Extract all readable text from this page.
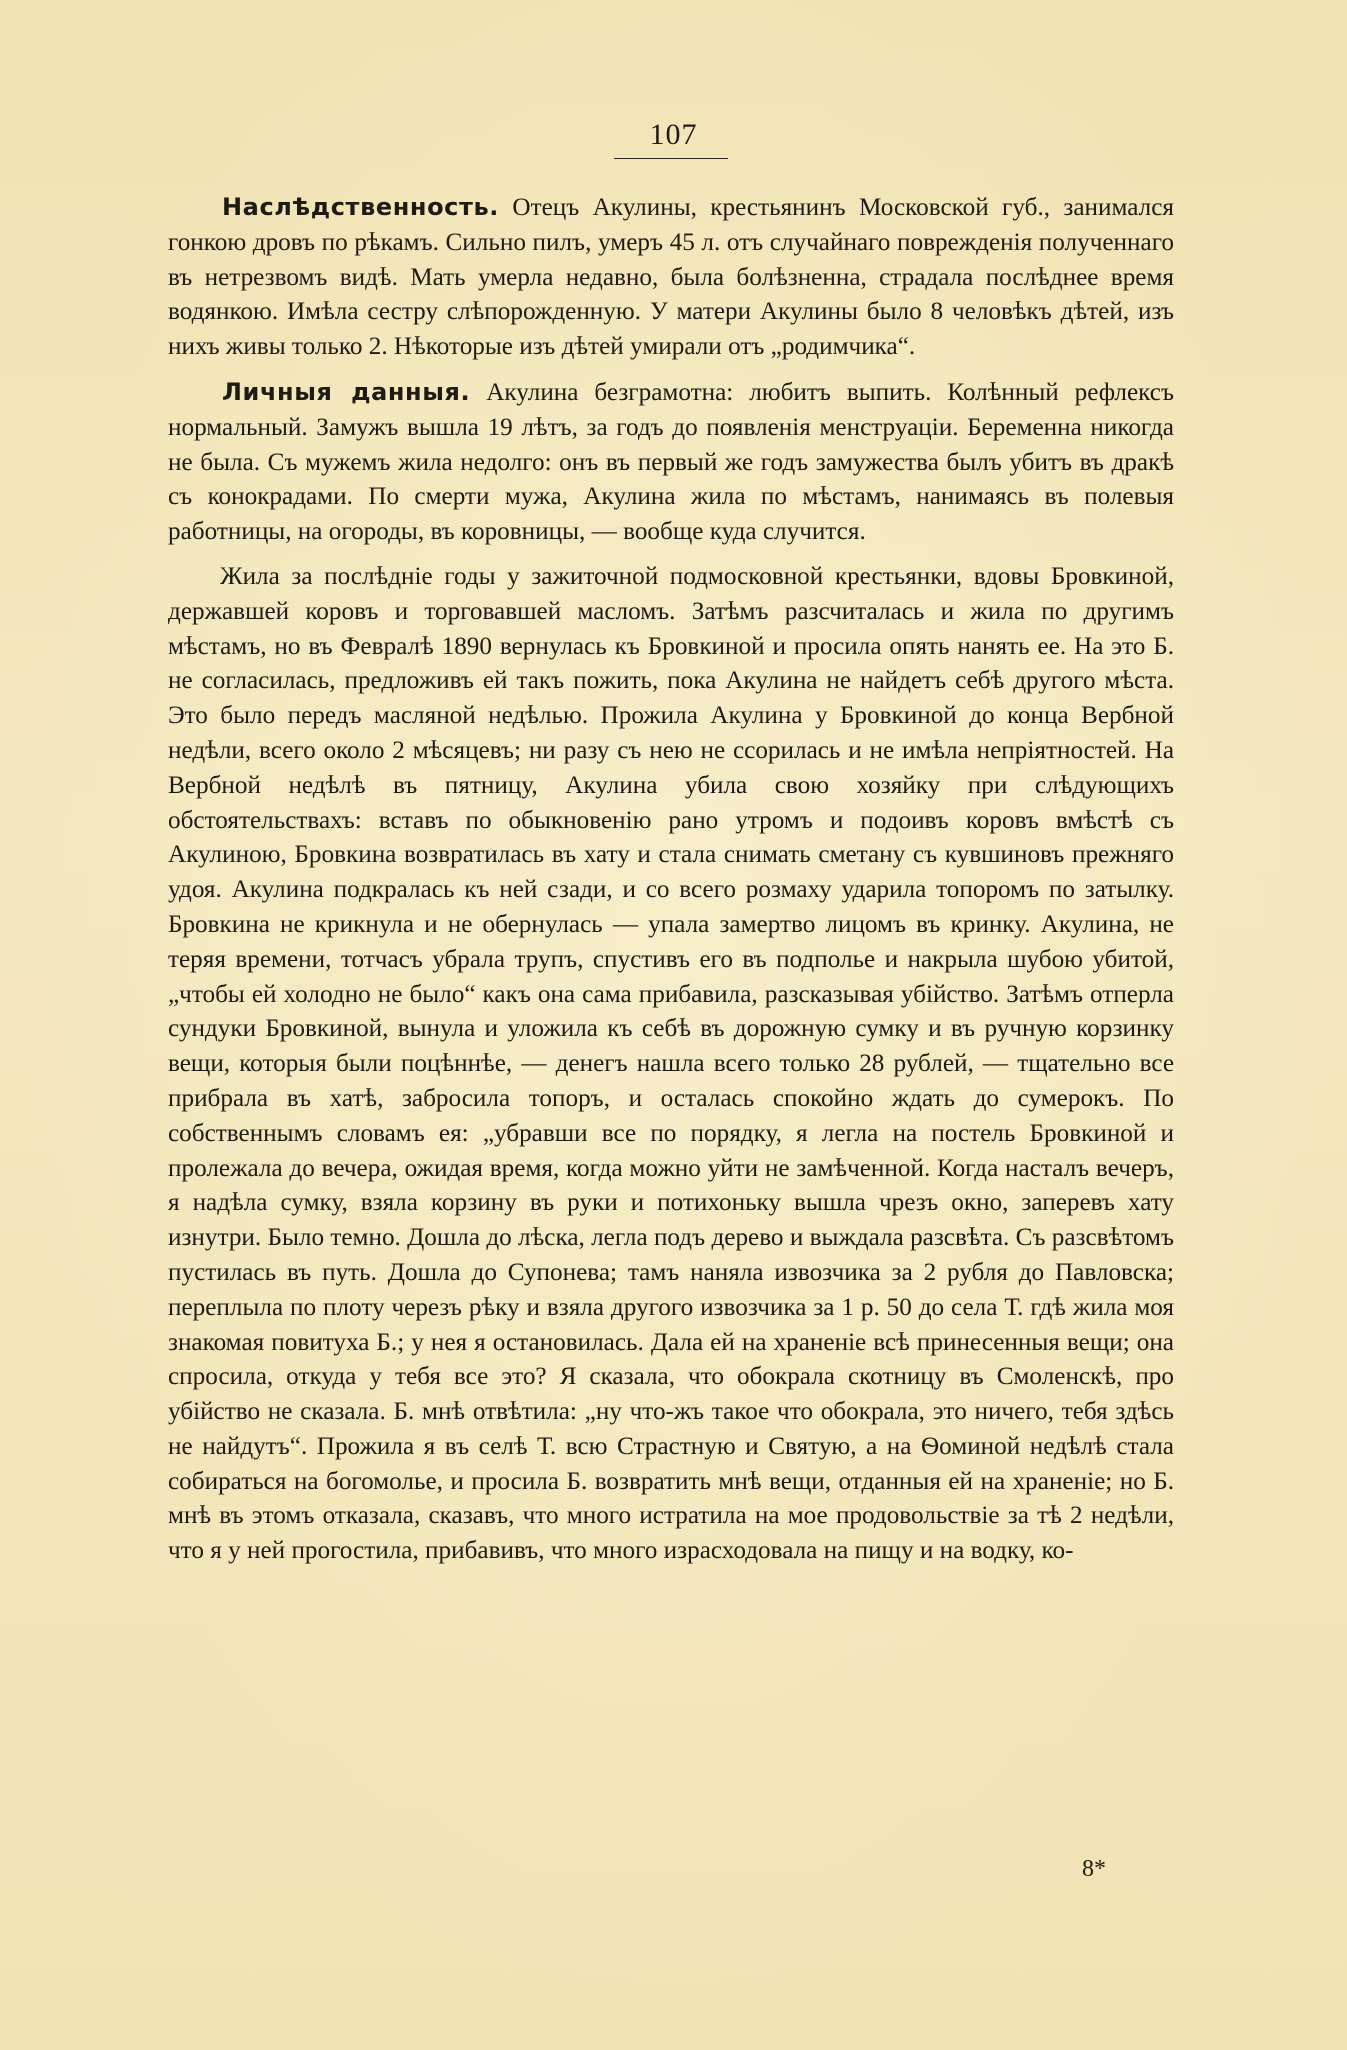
107

Наслѣдственность. Отецъ Акулины, крестьянинъ Московской губ., занимался гонкою дровъ по рѣкамъ. Сильно пилъ, умеръ 45 л. отъ случайнаго поврежденія полученнаго въ нетрезвомъ видѣ. Мать умерла недавно, была болѣзненна, страдала послѣднее время водянкою. Имѣла сестру слѣпорожденную. У матери Акулины было 8 человѣкъ дѣтей, изъ нихъ живы только 2. Нѣкоторые изъ дѣтей умирали отъ „родимчика“.

Личныя данныя. Акулина безграмотна: любитъ выпить. Колѣнный рефлексъ нормальный. Замужъ вышла 19 лѣтъ, за годъ до появленія менструаціи. Беременна никогда не была. Съ мужемъ жила недолго: онъ въ первый же годъ замужества былъ убитъ въ дракѣ съ конокрадами. По смерти мужа, Акулина жила по мѣстамъ, нанимаясь въ полевыя работницы, на огороды, въ коровницы, — вообще куда случится.

Жила за послѣдніе годы у зажиточной подмосковной крестьянки, вдовы Бровкиной, державшей коровъ и торговавшей масломъ. Затѣмъ разсчиталась и жила по другимъ мѣстамъ, но въ Февралѣ 1890 вернулась къ Бровкиной и просила опять нанять ее. На это Б. не согласилась, предложивъ ей такъ пожить, пока Акулина не найдетъ себѣ другого мѣста. Это было передъ масляной недѣлью. Прожила Акулина у Бровкиной до конца Вербной недѣли, всего около 2 мѣсяцевъ; ни разу съ нею не ссорилась и не имѣла непріятностей. На Вербной недѣлѣ въ пятницу, Акулина убила свою хозяйку при слѣдующихъ обстоятельствахъ: вставъ по обыкновенію рано утромъ и подоивъ коровъ вмѣстѣ съ Акулиною, Бровкина возвратилась въ хату и стала снимать сметану съ кувшиновъ прежняго удоя. Акулина подкралась къ ней сзади, и со всего розмаху ударила топоромъ по затылку. Бровкина не крикнула и не обернулась — упала замертво лицомъ въ кринку. Акулина, не теряя времени, тотчасъ убрала трупъ, спустивъ его въ подполье и накрыла шубою убитой, „чтобы ей холодно не было“ какъ она сама прибавила, разсказывая убійство. Затѣмъ отперла сундуки Бровкиной, вынула и уложила къ себѣ въ дорожную сумку и въ ручную корзинку вещи, которыя были поцѣннѣе, — денегъ нашла всего только 28 рублей, — тщательно все прибрала въ хатѣ, забросила топоръ, и осталась спокойно ждать до сумерокъ. По собственнымъ словамъ ея: „убравши все по порядку, я легла на постель Бровкиной и пролежала до вечера, ожидая время, когда можно уйти не замѣченной. Когда насталъ вечеръ, я надѣла сумку, взяла корзину въ руки и потихоньку вышла чрезъ окно, заперевъ хату изнутри. Было темно. Дошла до лѣска, легла подъ дерево и выждала разсвѣта. Съ разсвѣтомъ пустилась въ путь. Дошла до Супонева; тамъ наняла извозчика за 2 рубля до Павловска; переплыла по плоту черезъ рѣку и взяла другого извозчика за 1 р. 50 до села Т. гдѣ жила моя знакомая повитуха Б.; у нея я остановилась. Дала ей на храненіе всѣ принесенныя вещи; она спросила, откуда у тебя все это? Я сказала, что обокрала скотницу въ Смоленскѣ, про убійство не сказала. Б. мнѣ отвѣтила: „ну что-жъ такое что обокрала, это ничего, тебя здѣсь не найдутъ“. Прожила я въ селѣ Т. всю Страстную и Святую, а на Ѳоминой недѣлѣ стала собираться на богомолье, и просила Б. возвратить мнѣ вещи, отданныя ей на храненіе; но Б. мнѣ въ этомъ отказала, сказавъ, что много истратила на мое продовольствіе за тѣ 2 недѣли, что я у ней прогостила, прибавивъ, что много израсходовала на пищу и на водку, ко-

8*
